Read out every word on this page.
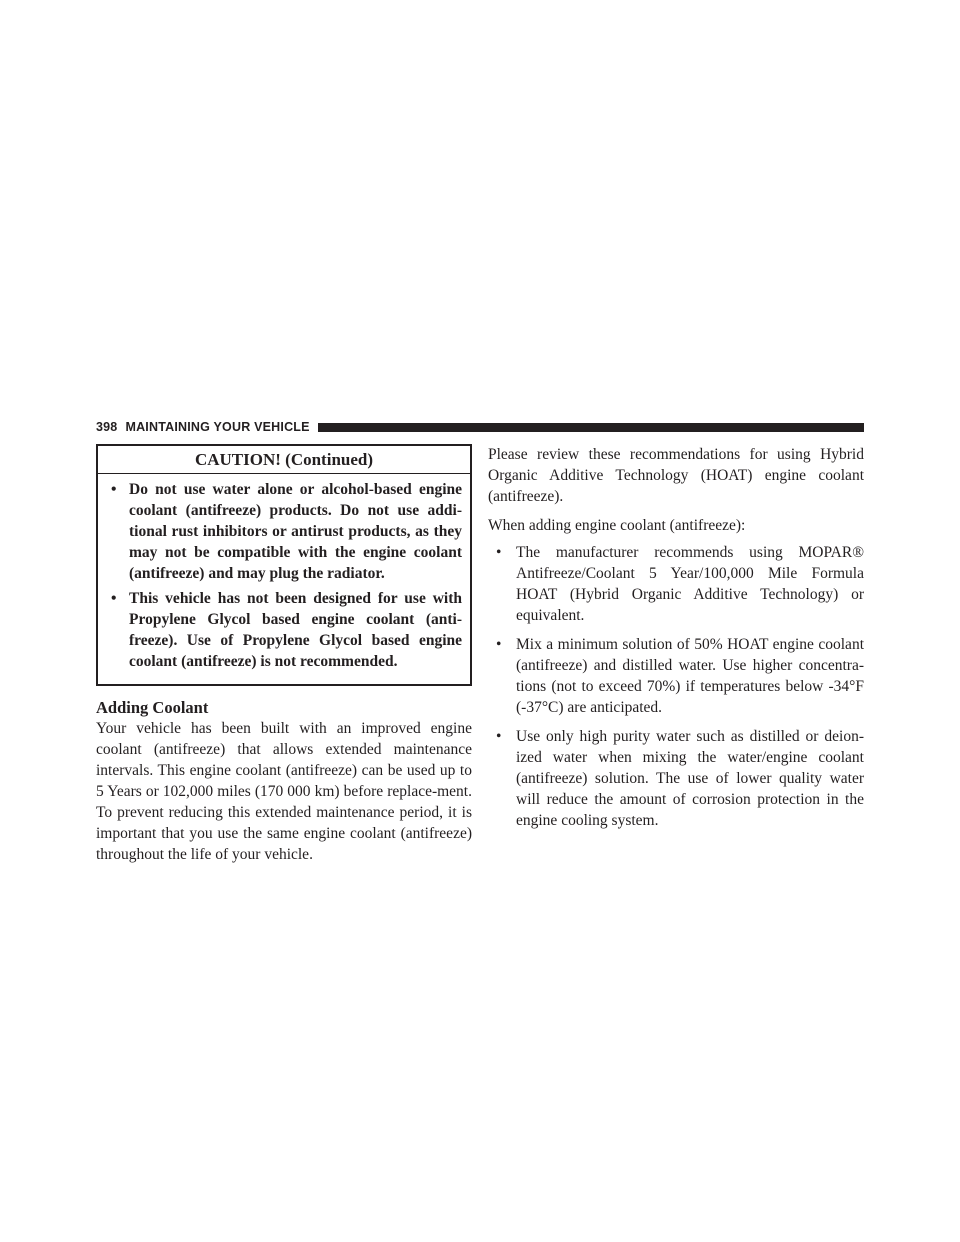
398 MAINTAINING YOUR VEHICLE
CAUTION! (Continued)
• Do not use water alone or alcohol-based engine coolant (antifreeze) products. Do not use addi-tional rust inhibitors or antirust products, as they may not be compatible with the engine coolant (antifreeze) and may plug the radiator.
• This vehicle has not been designed for use with Propylene Glycol based engine coolant (anti-freeze). Use of Propylene Glycol based engine coolant (antifreeze) is not recommended.
Adding Coolant

Your vehicle has been built with an improved engine coolant (antifreeze) that allows extended maintenance intervals. This engine coolant (antifreeze) can be used up to 5 Years or 102,000 miles (170 000 km) before replace-ment. To prevent reducing this extended maintenance period, it is important that you use the same engine coolant (antifreeze) throughout the life of your vehicle.

Please review these recommendations for using Hybrid Organic Additive Technology (HOAT) engine coolant (antifreeze).

When adding engine coolant (antifreeze):

• The manufacturer recommends using MOPAR® Antifreeze/Coolant 5 Year/100,000 Mile Formula HOAT (Hybrid Organic Additive Technology) or equivalent.
• Mix a minimum solution of 50% HOAT engine coolant (antifreeze) and distilled water. Use higher concentra-tions (not to exceed 70%) if temperatures below -34°F (-37°C) are anticipated.
• Use only high purity water such as distilled or deion-ized water when mixing the water/engine coolant (antifreeze) solution. The use of lower quality water will reduce the amount of corrosion protection in the engine cooling system.
